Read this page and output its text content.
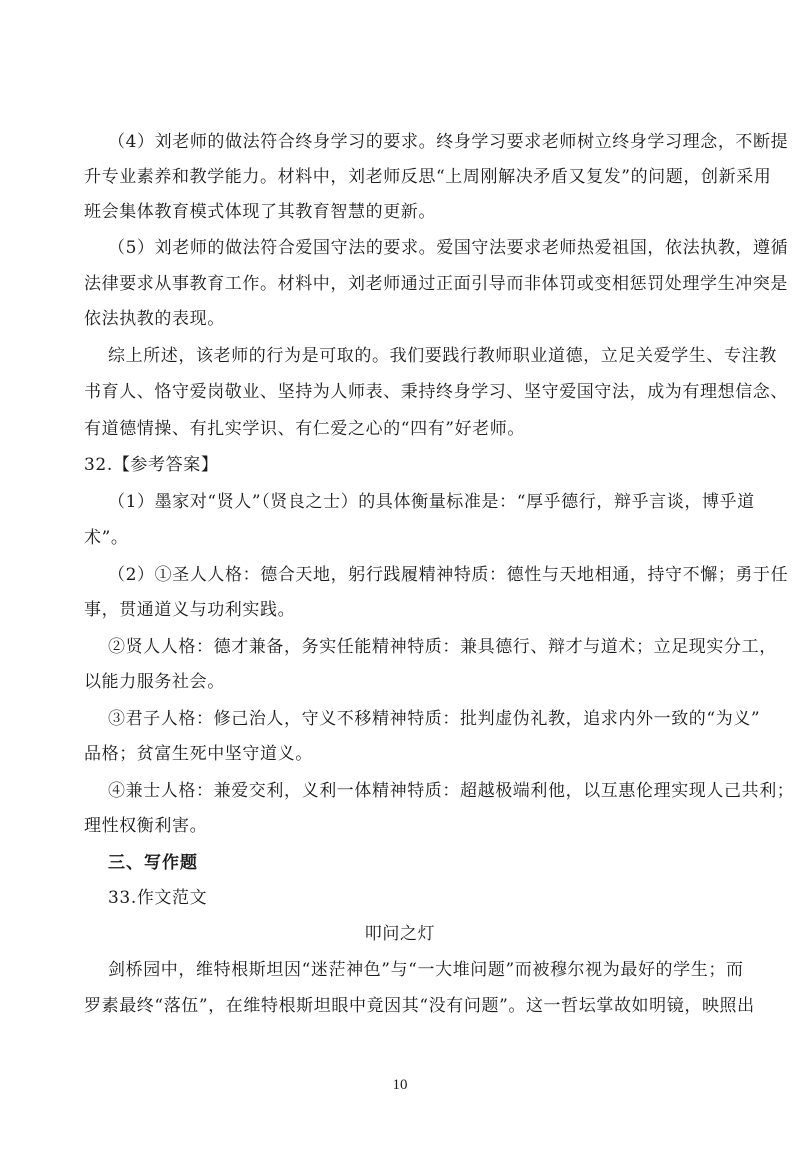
（4）刘老师的做法符合终身学习的要求。终身学习要求老师树立终身学习理念，不断提
升专业素养和教学能力。材料中，刘老师反思“上周刚解决矛盾又复发”的问题，创新采用
班会集体教育模式体现了其教育智慧的更新。
（5）刘老师的做法符合爱国守法的要求。爱国守法要求老师热爱祖国，依法执教，遵循
法律要求从事教育工作。材料中，刘老师通过正面引导而非体罚或变相惩罚处理学生冲突是
依法执教的表现。
综上所述，该老师的行为是可取的。我们要践行教师职业道德，立足关爱学生、专注教
书育人、恪守爱岗敬业、坚持为人师表、秉持终身学习、坚守爱国守法，成为有理想信念、
有道德情操、有扎实学识、有仁爱之心的“四有”好老师。
32.【参考答案】
（1）墨家对“贤人”（贤良之士）的具体衡量标准是：“厚乎德行，辩乎言谈，博乎道
术”。
（2）①圣人人格：德合天地，躬行践履精神特质：德性与天地相通，持守不懈；勇于任
事，贯通道义与功利实践。
②贤人人格：德才兼备，务实任能精神特质：兼具德行、辩才与道术；立足现实分工，
以能力服务社会。
③君子人格：修己治人，守义不移精神特质：批判虚伪礼教，追求内外一致的“为义”
品格；贫富生死中坚守道义。
④兼士人格：兼爱交利，义利一体精神特质：超越极端利他，以互惠伦理实现人己共利；
理性权衡利害。
三、写作题
33.作文范文
叩问之灯
剑桥园中，维特根斯坦因“迷茫神色”与“一大堆问题”而被穆尔视为最好的学生；而
罗素最终“落伍”，在维特根斯坦眼中竟因其“没有问题”。这一哲坛掌故如明镜，映照出
10
